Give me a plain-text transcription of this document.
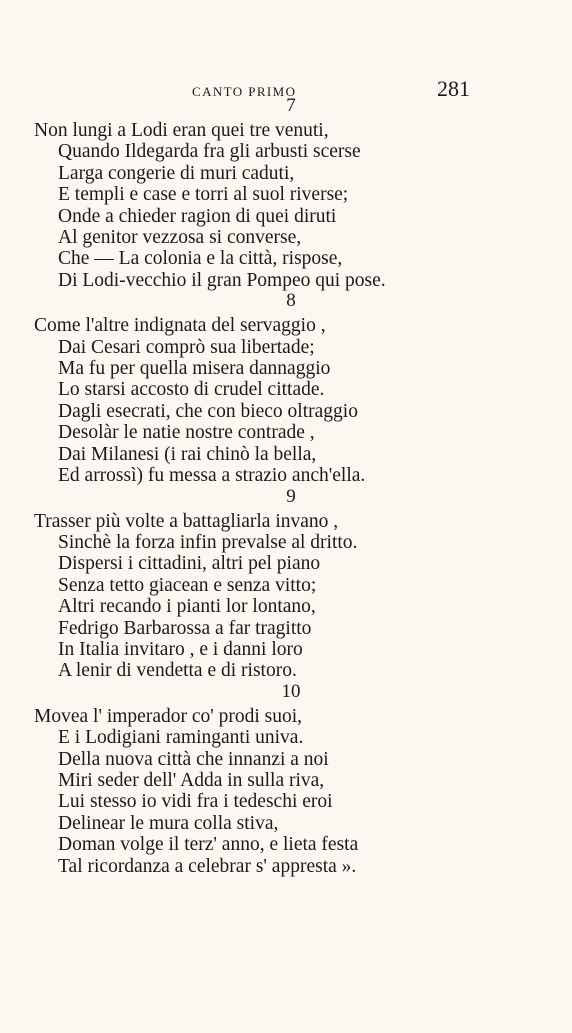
CANTO PRIMO	281
7
Non lungi a Lodi eran quei tre venuti,
Quando Ildegarda fra gli arbusti scerse
Larga congerie di muri caduti,
E templi e case e torri al suol riverse;
Onde a chieder ragion di quei diruti
Al genitor vezzosa si converse,
Che — La colonia e la città, rispose,
Di Lodi-vecchio il gran Pompeo qui pose.
8
Come l'altre indignata del servaggio ,
Dai Cesari comprò sua libertade;
Ma fu per quella misera dannaggio
Lo starsi accosto di crudel cittade.
Dagli esecrati, che con bieco oltraggio
Desolàr le natie nostre contrade ,
Dai Milanesi (i rai chinò la bella,
Ed arrossì) fu messa a strazio anch'ella.
9
Trasser più volte a battagliarla invano ,
Sinchè la forza infin prevalse al dritto.
Dispersi i cittadini, altri pel piano
Senza tetto giacean e senza vitto;
Altri recando i pianti lor lontano,
Fedrigo Barbarossa a far tragitto
In Italia invitaro , e i danni loro
A lenir di vendetta e di ristoro.
10
Movea l' imperador co' prodi suoi,
E i Lodigiani raminganti univa.
Della nuova città che innanzi a noi
Miri seder dell' Adda in sulla riva,
Lui stesso io vidi fra i tedeschi eroi
Delinear le mura colla stiva,
Doman volge il terz' anno, e lieta festa
Tal ricordanza a celebrar s' appresta ».
